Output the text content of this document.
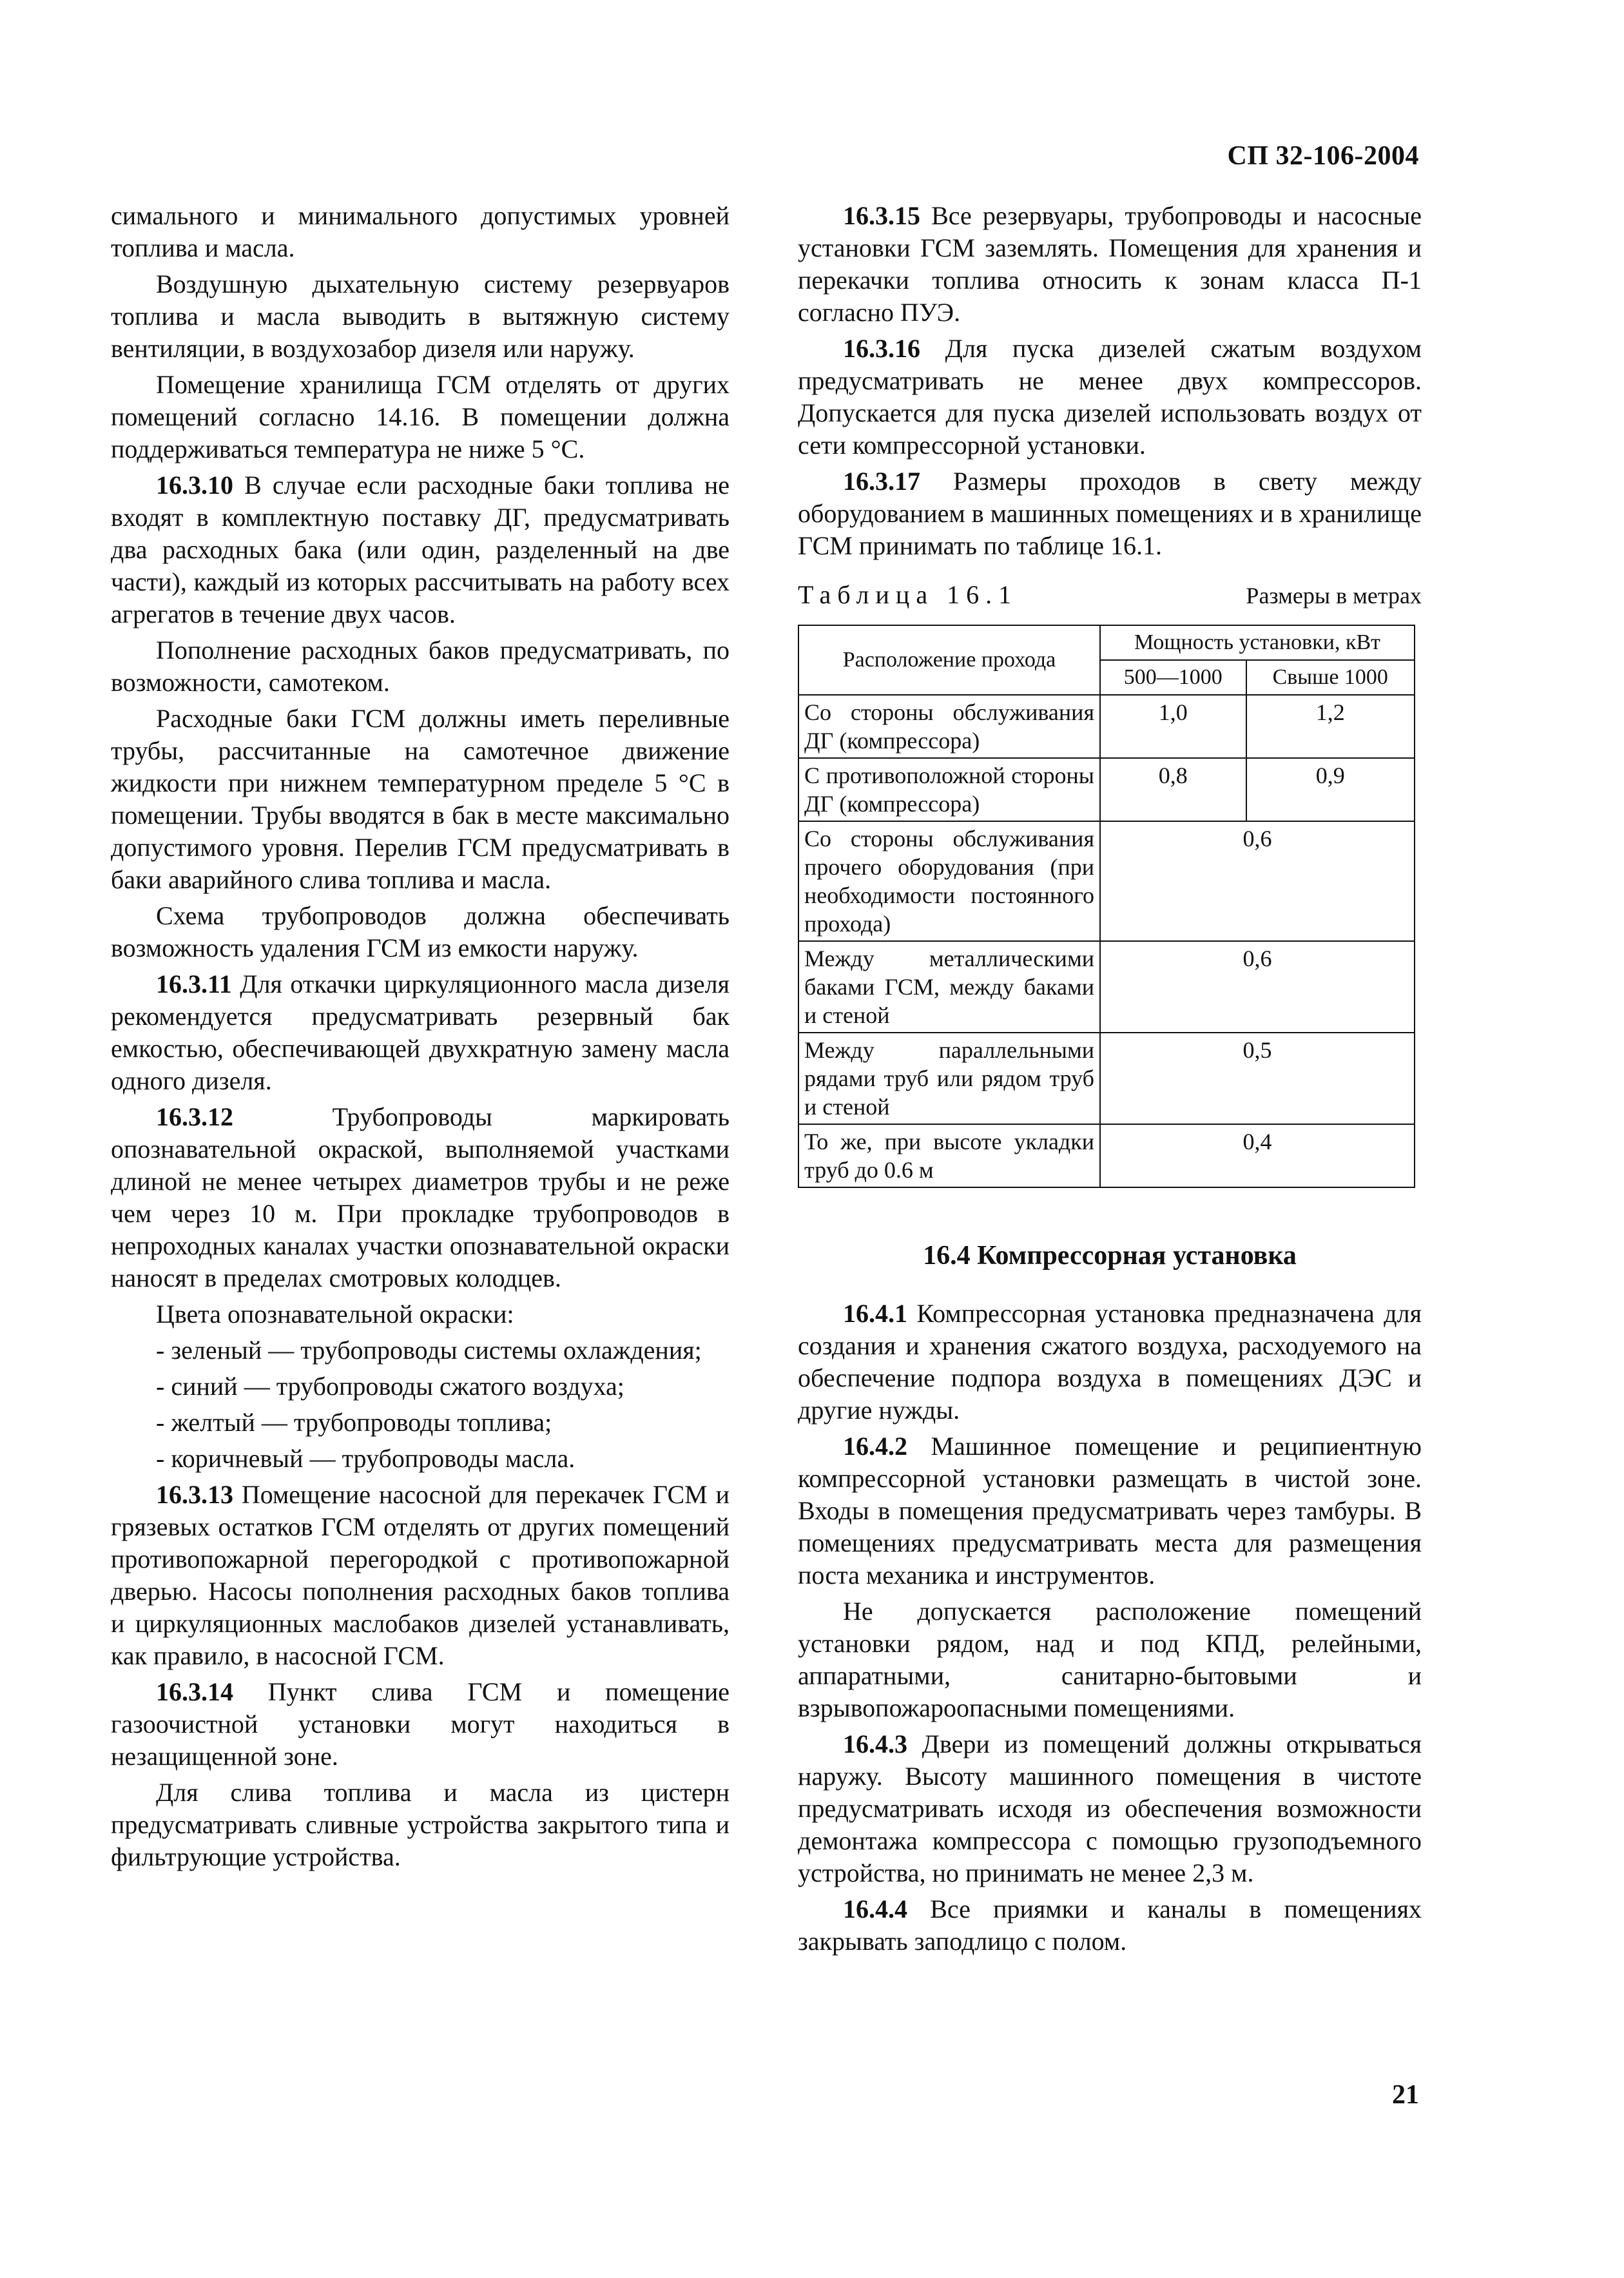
СП 32-106-2004

симального и минимального допустимых уровней топлива и масла.

Воздушную дыхательную систему резервуаров топлива и масла выводить в вытяжную систему вентиляции, в воздухозабор дизеля или наружу.

Помещение хранилища ГСМ отделять от других помещений согласно 14.16. В помещении должна поддерживаться температура не ниже 5 °С.

16.3.10 В случае если расходные баки топлива не входят в комплектную поставку ДГ, предусматривать два расходных бака (или один, разделенный на две части), каждый из которых рассчитывать на работу всех агрегатов в течение двух часов.

Пополнение расходных баков предусматривать, по возможности, самотеком.

Расходные баки ГСМ должны иметь переливные трубы, рассчитанные на самотечное движение жидкости при нижнем температурном пределе 5 °С в помещении. Трубы вводятся в бак в месте максимально допустимого уровня. Перелив ГСМ предусматривать в баки аварийного слива топлива и масла.

Схема трубопроводов должна обеспечивать возможность удаления ГСМ из емкости наружу.

16.3.11 Для откачки циркуляционного масла дизеля рекомендуется предусматривать резервный бак емкостью, обеспечивающей двухкратную замену масла одного дизеля.

16.3.12 Трубопроводы маркировать опознавательной окраской, выполняемой участками длиной не менее четырех диаметров трубы и не реже чем через 10 м. При прокладке трубопроводов в непроходных каналах участки опознавательной окраски наносят в пределах смотровых колодцев.

Цвета опознавательной окраски:

- зеленый — трубопроводы системы охлаждения;

- синий — трубопроводы сжатого воздуха;

- желтый — трубопроводы топлива;

- коричневый — трубопроводы масла.

16.3.13 Помещение насосной для перекачек ГСМ и грязевых остатков ГСМ отделять от других помещений противопожарной перегородкой с противопожарной дверью. Насосы пополнения расходных баков топлива и циркуляционных маслобаков дизелей устанавливать, как правило, в насосной ГСМ.

16.3.14 Пункт слива ГСМ и помещение газоочистной установки могут находиться в незащищенной зоне.

Для слива топлива и масла из цистерн предусматривать сливные устройства закрытого типа и фильтрующие устройства.

16.3.15 Все резервуары, трубопроводы и насосные установки ГСМ заземлять. Помещения для хранения и перекачки топлива относить к зонам класса П-1 согласно ПУЭ.

16.3.16 Для пуска дизелей сжатым воздухом предусматривать не менее двух компрессоров. Допускается для пуска дизелей использовать воздух от сети компрессорной установки.

16.3.17 Размеры проходов в свету между оборудованием в машинных помещениях и в хранилище ГСМ принимать по таблице 16.1.

Таблица 16.1	Размеры в метрах
Расположение прохода	Мощность установки, кВт	
	500—1000	Свыше 1000
Со стороны обслуживания ДГ (компрессора)	1,0	1,2
С противоположной стороны ДГ (компрессора)	0,8	0,9
Со стороны обслуживания прочего оборудования (при необходимости постоянного прохода)	0,6	
Между металлическими баками ГСМ, между баками и стеной	0,6	
Между параллельными рядами труб или рядом труб и стеной	0,5	
То же, при высоте укладки труб до 0.6 м	0,4	
16.4 Компрессорная установка

16.4.1 Компрессорная установка предназначена для создания и хранения сжатого воздуха, расходуемого на обеспечение подпора воздуха в помещениях ДЭС и другие нужды.

16.4.2 Машинное помещение и реципиентную компрессорной установки размещать в чистой зоне. Входы в помещения предусматривать через тамбуры. В помещениях предусматривать места для размещения поста механика и инструментов.

Не допускается расположение помещений установки рядом, над и под КПД, релейными, аппаратными, санитарно-бытовыми и взрывопожароопасными помещениями.

16.4.3 Двери из помещений должны открываться наружу. Высоту машинного помещения в чистоте предусматривать исходя из обеспечения возможности демонтажа компрессора с помощью грузоподъемного устройства, но принимать не менее 2,3 м.

16.4.4 Все приямки и каналы в помещениях закрывать заподлицо с полом.

21
